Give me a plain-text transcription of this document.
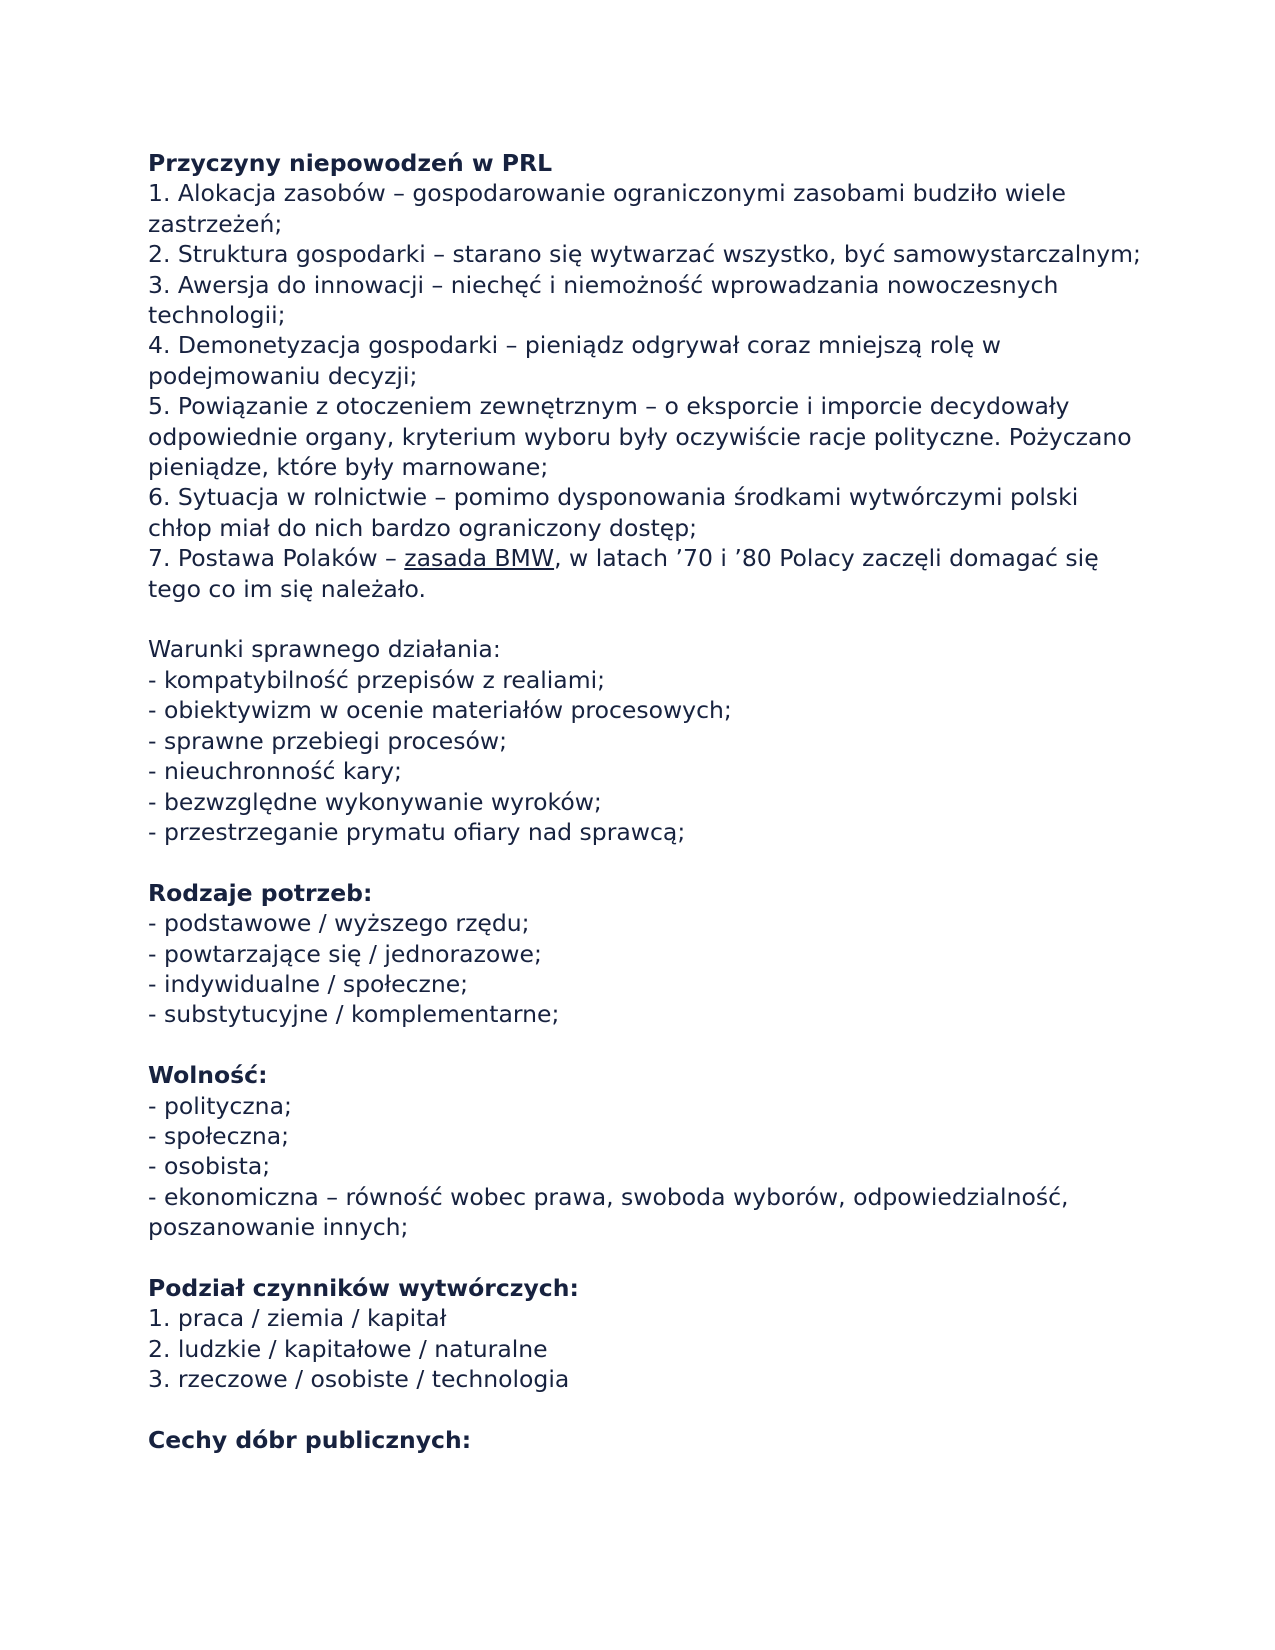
Przyczyny niepowodzeń w PRL
1. Alokacja zasobów – gospodarowanie ograniczonymi zasobami budziło wiele zastrzeżeń;
2. Struktura gospodarki – starano się wytwarzać wszystko, być samowystarczalnym;
3. Awersja do innowacji – niechęć i niemożność wprowadzania nowoczesnych technologii;
4. Demonetyzacja gospodarki – pieniądz odgrywał coraz mniejszą rolę w podejmowaniu decyzji;
5. Powiązanie z otoczeniem zewnętrznym – o eksporcie i imporcie decydowały odpowiednie organy, kryterium wyboru były oczywiście racje polityczne. Pożyczano pieniądze, które były marnowane;
6. Sytuacja w rolnictwie – pomimo dysponowania środkami wytwórczymi polski chłop miał do nich bardzo ograniczony dostęp;
7. Postawa Polaków – zasada BMW, w latach ’70 i ’80 Polacy zaczęli domagać się tego co im się należało.
Warunki sprawnego działania:
- kompatybilność przepisów z realiami;
- obiektywizm w ocenie materiałów procesowych;
- sprawne przebiegi procesów;
- nieuchronność kary;
- bezwzględne wykonywanie wyroków;
- przestrzeganie prymatu ofiary nad sprawcą;
Rodzaje potrzeb:
- podstawowe / wyższego rzędu;
- powtarzające się / jednorazowe;
- indywidualne / społeczne;
- substytucyjne / komplementarne;
Wolność:
- polityczna;
- społeczna;
- osobista;
- ekonomiczna – równość wobec prawa, swoboda wyborów, odpowiedzialność, poszanowanie innych;
Podział czynników wytwórczych:
1. praca / ziemia / kapitał
2. ludzkie / kapitałowe / naturalne
3. rzeczowe / osobiste / technologia
Cechy dóbr publicznych:
